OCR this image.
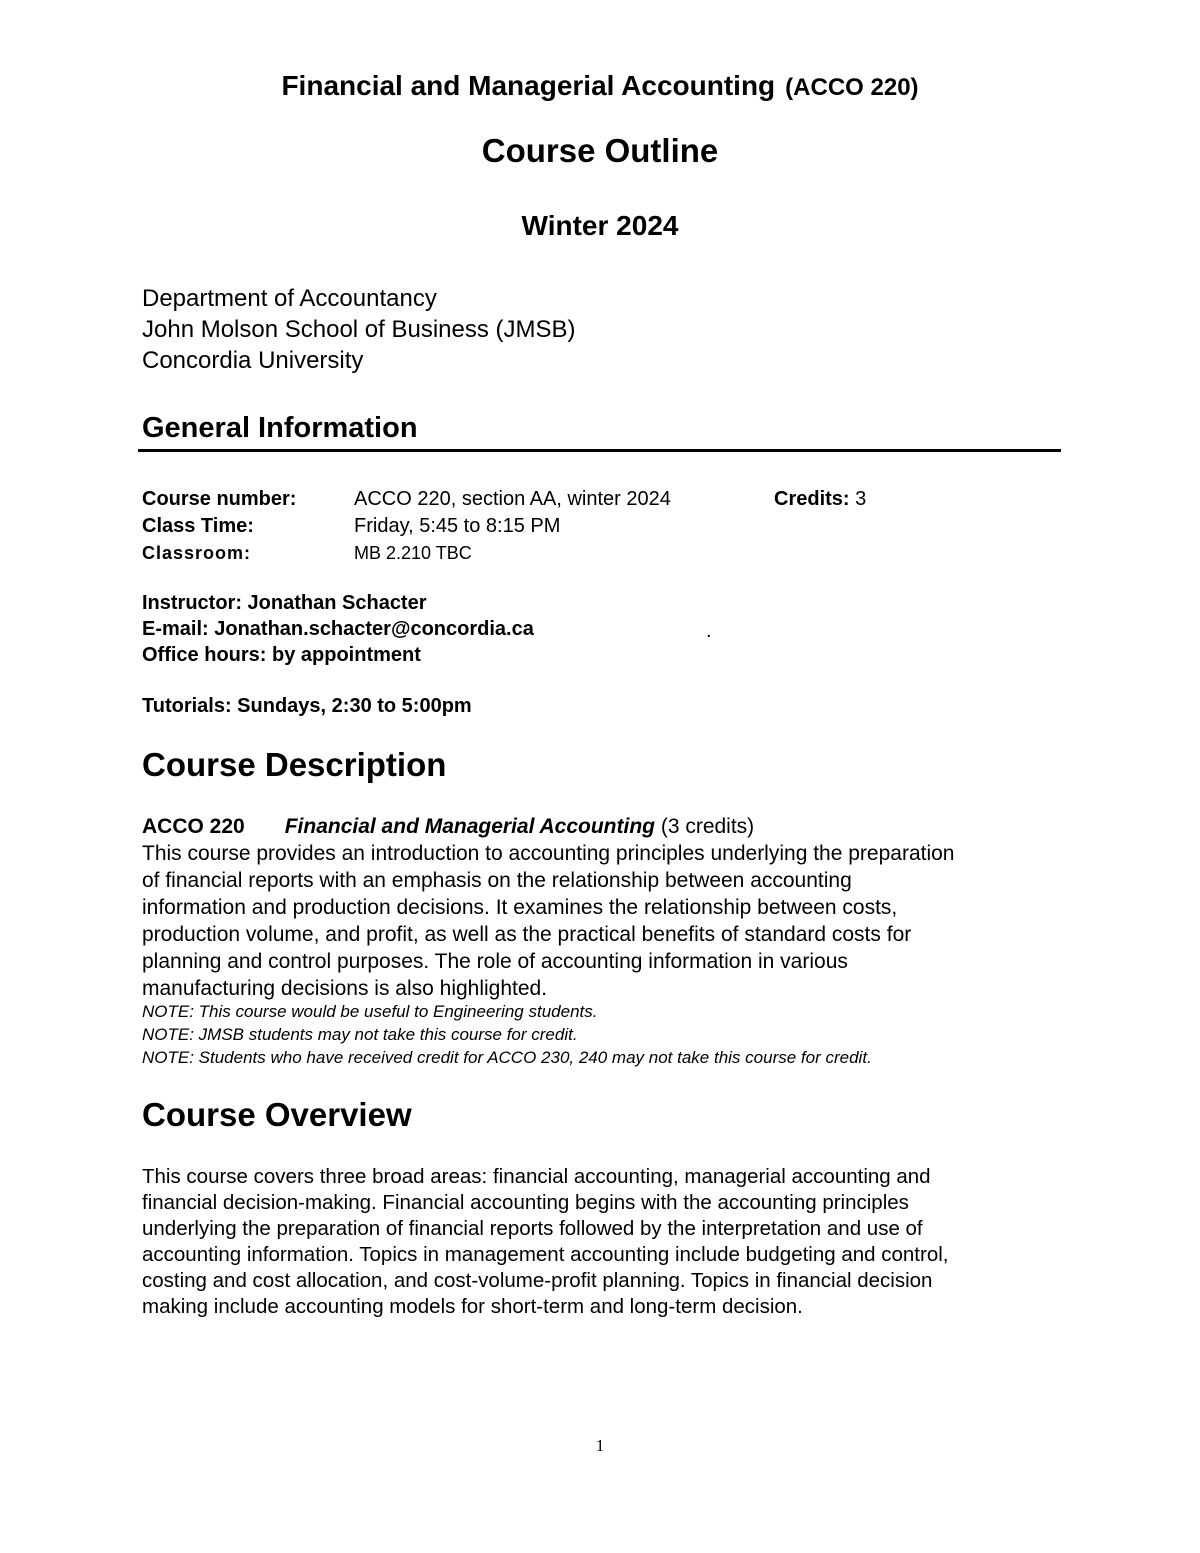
Financial and Managerial Accounting (ACCO 220)
Course Outline
Winter 2024
Department of Accountancy
John Molson School of Business (JMSB)
Concordia University
General Information
Course number:	ACCO 220, section AA, winter 2024	Credits: 3
Class Time:	Friday, 5:45 to 8:15 PM
Classroom:	MB 2.210 TBC
Instructor: Jonathan Schacter
E-mail: Jonathan.schacter@concordia.ca	.
Office hours: by appointment
Tutorials: Sundays, 2:30 to 5:00pm
Course Description
ACCO 220 Financial and Managerial Accounting (3 credits)
This course provides an introduction to accounting principles underlying the preparation
of financial reports with an emphasis on the relationship between accounting
information and production decisions. It examines the relationship between costs,
production volume, and profit, as well as the practical benefits of standard costs for
planning and control purposes. The role of accounting information in various
manufacturing decisions is also highlighted.
NOTE: This course would be useful to Engineering students.
NOTE: JMSB students may not take this course for credit.
NOTE: Students who have received credit for ACCO 230, 240 may not take this course for credit.
Course Overview
This course covers three broad areas: financial accounting, managerial accounting and
financial decision-making. Financial accounting begins with the accounting principles
underlying the preparation of financial reports followed by the interpretation and use of
accounting information. Topics in management accounting include budgeting and control,
costing and cost allocation, and cost-volume-profit planning. Topics in financial decision
making include accounting models for short-term and long-term decision.
1
